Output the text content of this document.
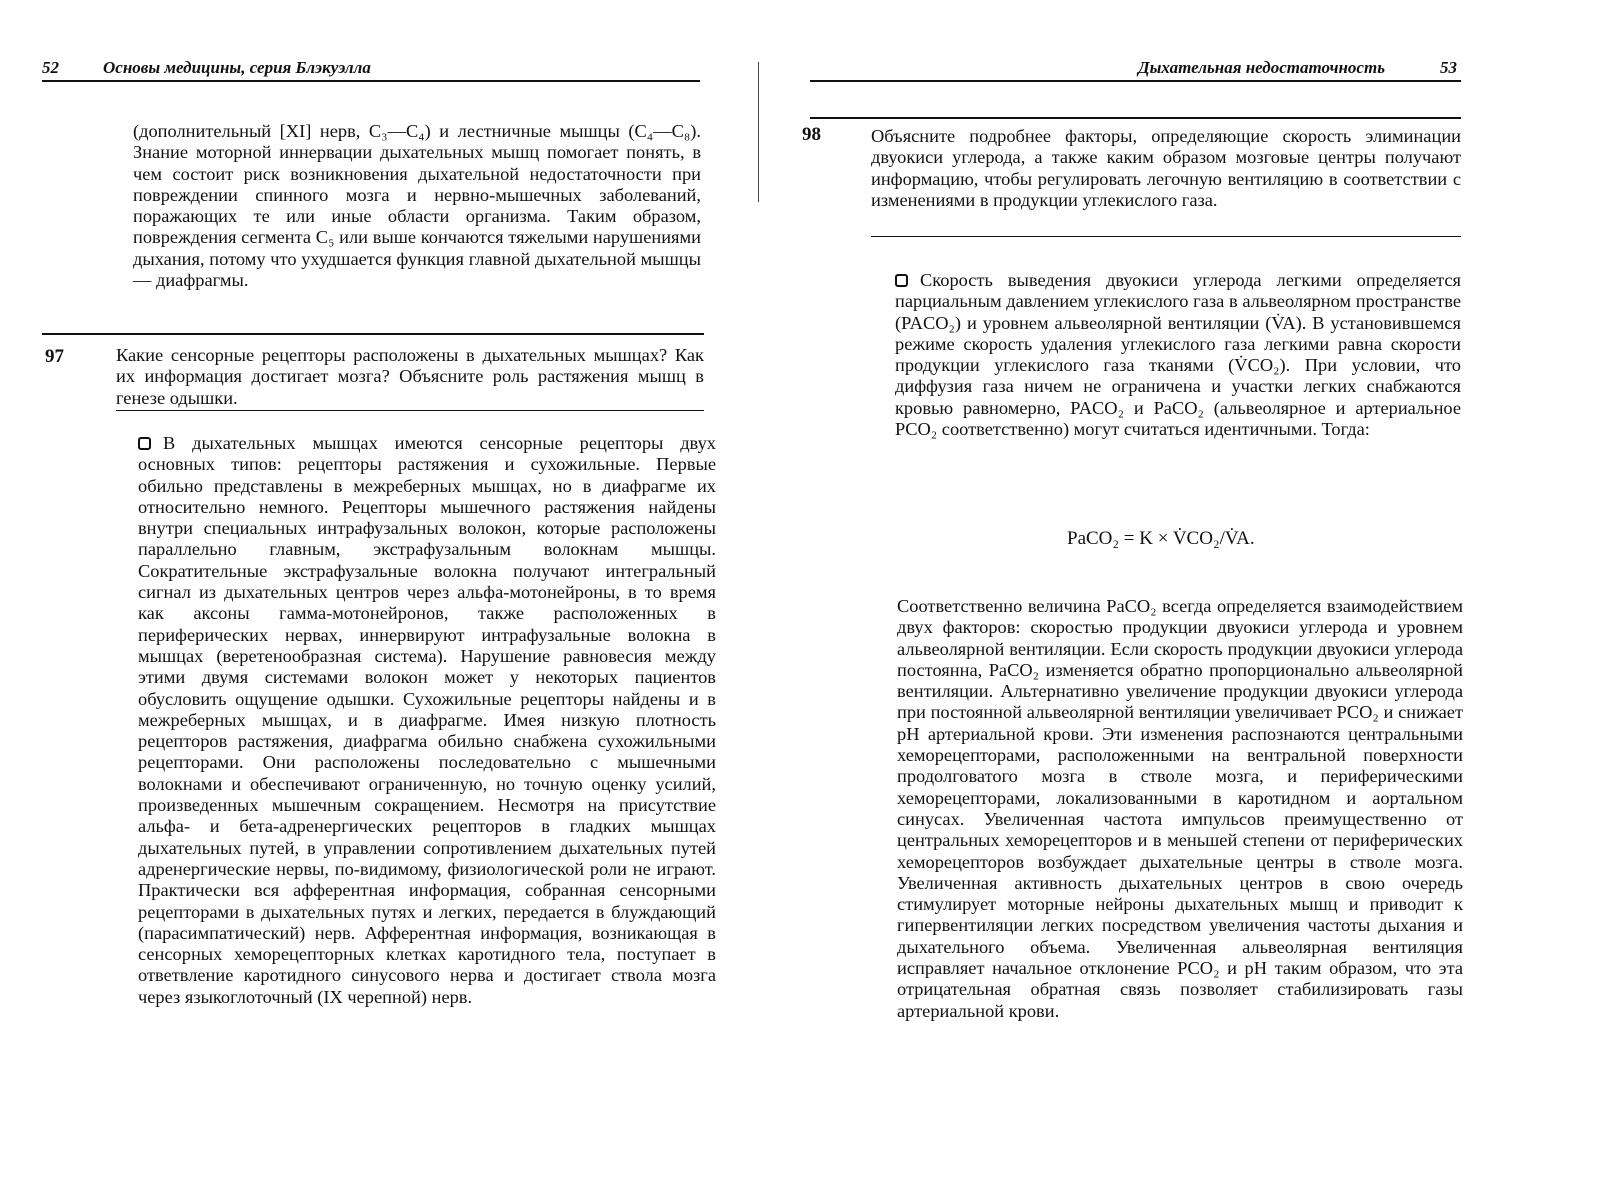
52	Основы медицины, серия Блэкуэлла

(дополнительный [XI] нерв, C₃—C₄) и лестничные мышцы (C₄—C₈). Знание моторной иннервации дыхательных мышц помогает понять, в чем состоит риск возникновения дыхательной недостаточности при повреждении спинного мозга и нервно-мышечных заболеваний, поражающих те или иные области организма. Таким образом, повреждения сегмента C₅ или выше кончаются тяжелыми нарушениями дыхания, потому что ухудшается функция главной дыхательной мышцы — диафрагмы.

97	Какие сенсорные рецепторы расположены в дыхательных мышцах? Как их информация достигает мозга? Объясните роль растяжения мышц в генезе одышки.

В дыхательных мышцах имеются сенсорные рецепторы двух основных типов: рецепторы растяжения и сухожильные. Первые обильно представлены в межреберных мышцах, но в диафрагме их относительно немного. Рецепторы мышечного растяжения найдены внутри специальных интрафузальных волокон, которые расположены параллельно главным, экстрафузальным волокнам мышцы. Сократительные экстрафузальные волокна получают интегральный сигнал из дыхательных центров через альфа-мотонейроны, в то время как аксоны гамма-мотонейронов, также расположенных в периферических нервах, иннервируют интрафузальные волокна в мышцах (веретенообразная система). Нарушение равновесия между этими двумя системами волокон может у некоторых пациентов обусловить ощущение одышки. Сухожильные рецепторы найдены и в межреберных мышцах, и в диафрагме. Имея низкую плотность рецепторов растяжения, диафрагма обильно снабжена сухожильными рецепторами. Они расположены последовательно с мышечными волокнами и обеспечивают ограниченную, но точную оценку усилий, произведенных мышечным сокращением. Несмотря на присутствие альфа- и бета-адренергических рецепторов в гладких мышцах дыхательных путей, в управлении сопротивлением дыхательных путей адренергические нервы, по-видимому, физиологической роли не играют. Практически вся афферентная информация, собранная сенсорными рецепторами в дыхательных путях и легких, передается в блуждающий (парасимпатический) нерв. Афферентная информация, возникающая в сенсорных хеморецепторных клетках каротидного тела, поступает в ответвление каротидного синусового нерва и достигает ствола мозга через языкоглоточный (IX черепной) нерв.

Дыхательная недостаточность	53
98	Объясните подробнее факторы, определяющие скорость элиминации двуокиси углерода, а также каким образом мозговые центры получают информацию, чтобы регулировать легочную вентиляцию в соответствии с изменениями в продукции углекислого газа.

Скорость выведения двуокиси углерода легкими определяется парциальным давлением углекислого газа в альвеолярном пространстве (PACO₂) и уровнем альвеолярной вентиляции (V̇A). В установившемся режиме скорость удаления углекислого газа легкими равна скорости продукции углекислого газа тканями (V̇CO₂). При условии, что диффузия газа ничем не ограничена и участки легких снабжаются кровью равномерно, PACO₂ и PaCO₂ (альвеолярное и артериальное PCO₂ соответственно) могут считаться идентичными. Тогда:

PaCO₂ = K × V̇CO₂/V̇A.

Соответственно величина PaCO₂ всегда определяется взаимодействием двух факторов: скоростью продукции двуокиси углерода и уровнем альвеолярной вентиляции. Если скорость продукции двуокиси углерода постоянна, PaCO₂ изменяется обратно пропорционально альвеолярной вентиляции. Альтернативно увеличение продукции двуокиси углерода при постоянной альвеолярной вентиляции увеличивает PCO₂ и снижает pH артериальной крови. Эти изменения распознаются центральными хеморецепторами, расположенными на вентральной поверхности продолговатого мозга в стволе мозга, и периферическими хеморецепторами, локализованными в каротидном и аортальном синусах. Увеличенная частота импульсов преимущественно от центральных хеморецепторов и в меньшей степени от периферических хеморецепторов возбуждает дыхательные центры в стволе мозга. Увеличенная активность дыхательных центров в свою очередь стимулирует моторные нейроны дыхательных мышц и приводит к гипервентиляции легких посредством увеличения частоты дыхания и дыхательного объема. Увеличенная альвеолярная вентиляция исправляет начальное отклонение PCO₂ и pH таким образом, что эта отрицательная обратная связь позволяет стабилизировать газы артериальной крови.
